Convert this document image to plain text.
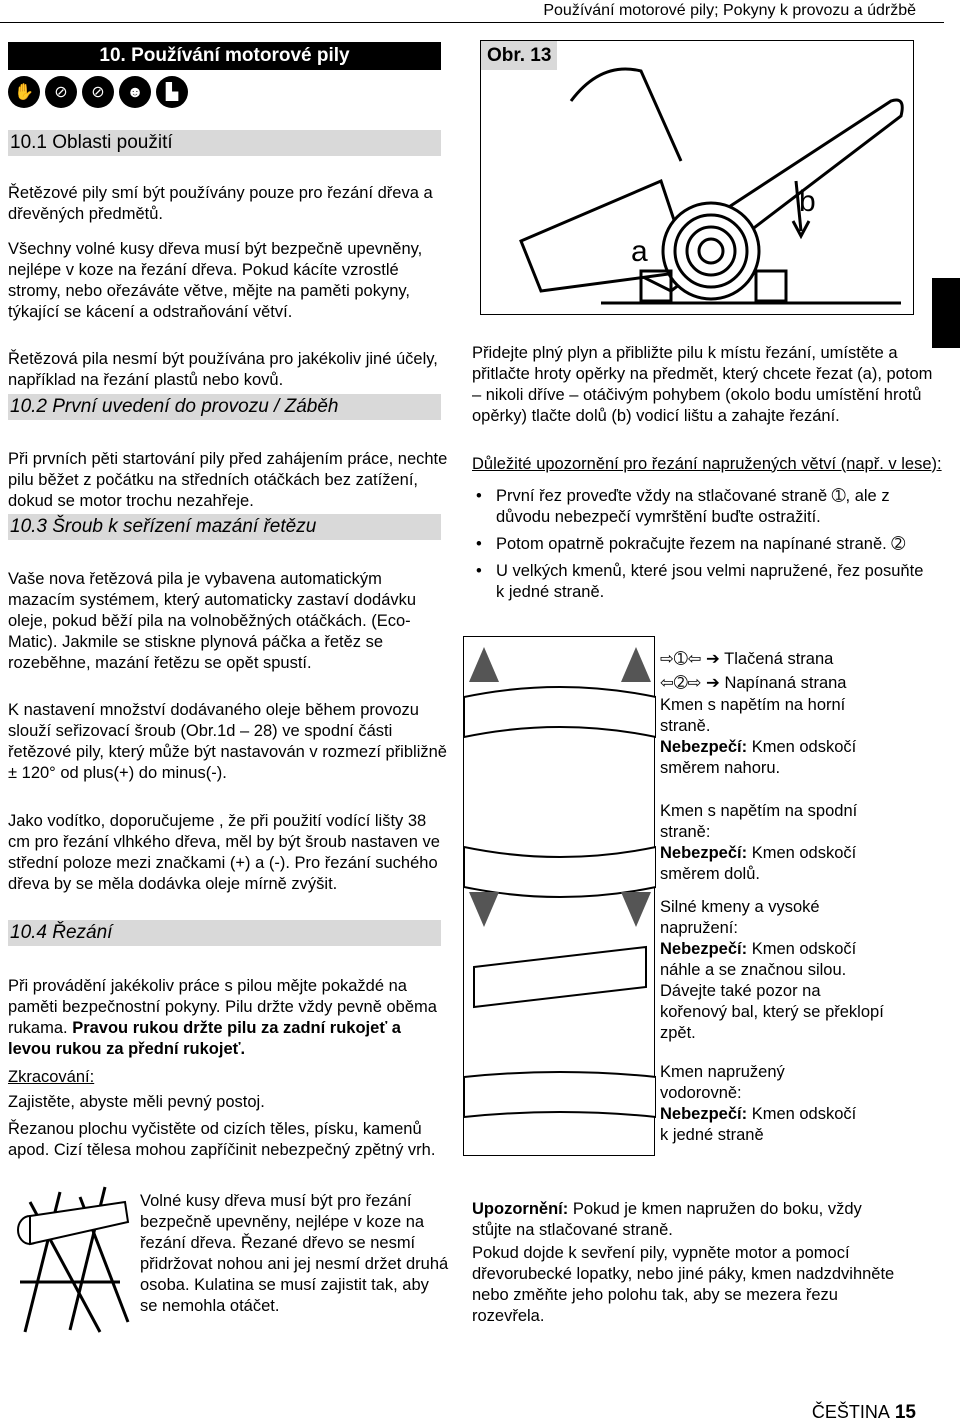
Používání motorové pily; Pokyny k provozu a údržbě
10. Používání motorové pily
✋	⊘	⊘	☻	▙
10.1 Oblasti použití

Řetězové pily smí být používány pouze pro řezání dřeva a dřevěných předmětů.

Všechny volné kusy dřeva musí být bezpečně upevněny, nejlépe v koze na řezání dřeva. Pokud kácíte vzrostlé stromy, nebo ořezáváte větve, mějte na paměti pokyny, týkající se kácení a odstraňování větví.

Řetězová pila nesmí být používána pro jakékoliv jiné účely, například na řezání plastů nebo kovů.

10.2 První uvedení do provozu / Záběh

Při prvních pěti startování pily před zahájením práce, nechte pilu běžet z počátku na středních otáčkách bez zatížení, dokud se motor trochu nezahřeje.

10.3 Šroub k seřízení mazání řetězu

Vaše nova řetězová pila je vybavena automatickým mazacím systémem, který automaticky zastaví dodávku oleje, pokud běží pila na volnoběžných otáčkách. (Eco-Matic). Jakmile se stiskne plynová páčka a řetěz se rozeběhne, mazání řetězu se opět spustí.

K nastavení množství dodávaného oleje během provozu slouží seřizovací šroub (Obr.1d – 28) ve spodní části řetězové pily, který může být nastavován v rozmezí přibližně ± 120° od plus(+) do minus(-).

Jako vodítko, doporučujeme , že při použití vodící lišty 38 cm pro řezání vlhkého dřeva, měl by být šroub nastaven ve střední poloze mezi značkami (+) a (-). Pro řezání suchého dřeva by se měla dodávka oleje mírně zvýšit.

10.4 Řezání

Při provádění jakékoliv práce s pilou mějte pokaždé na paměti bezpečnostní pokyny. Pilu držte vždy pevně oběma rukama. Pravou rukou držte pilu za zadní rukojeť a levou rukou za přední rukojeť.

Zkracování:

Zajistěte, abyste měli pevný postoj.

Řezanou plochu vyčistěte od cizích těles, písku, kamenů apod. Cizí tělesa mohou zapříčinit nebezpečný zpětný vrh.

Volné kusy dřeva musí být pro řezání bezpečně upevněny, nejlépe v koze na řezání dřeva. Řezané dřevo se nesmí přidržovat nohou ani jej nesmí držet druhá osoba. Kulatina se musí zajistit tak, aby se nemohla otáčet.

Obr. 13
a
b

Přidejte plný plyn a přibližte pilu k místu řezání, umístěte a přitlačte hroty opěrky na předmět, který chcete řezat (a), potom – nikoli dříve – otáčivým pohybem (okolo bodu umístění hrotů opěrky) tlačte dolů (b) vodicí lištu a zahajte řezání.

Důležité upozornění pro řezání napružených větví (např. v lese):

• První řez proveďte vždy na stlačované straně ➀, ale z důvodu nebezpečí vymrštění buďte ostražití.
• Potom opatrně pokračujte řezem na napínané straně. ➁
• U velkých kmenů, které jsou velmi napružené, řez posuňte k jedné straně.

⇨➀⇦ ➔ Tlačená strana

⇦➁⇨ ➔ Napínaná strana

Kmen s napětím na horní straně.
Nebezpečí: Kmen odskočí směrem nahoru.

Kmen s napětím na spodní straně:
Nebezpečí: Kmen odskočí směrem dolů.

Silné kmeny a vysoké napružení:
Nebezpečí: Kmen odskočí náhle a se značnou silou. Dávejte také pozor na kořenový bal, který se překlopí zpět.

Kmen napružený vodorovně:
Nebezpečí: Kmen odskočí k jedné straně

Upozornění: Pokud je kmen napružen do boku, vždy stůjte na stlačované straně.

Pokud dojde k sevření pily, vypněte motor a pomocí dřevorubecké lopatky, nebo jiné páky, kmen nadzdvihněte nebo změňte jeho polohu tak, aby se mezera řezu rozevřela.

ČEŠTINA 15
